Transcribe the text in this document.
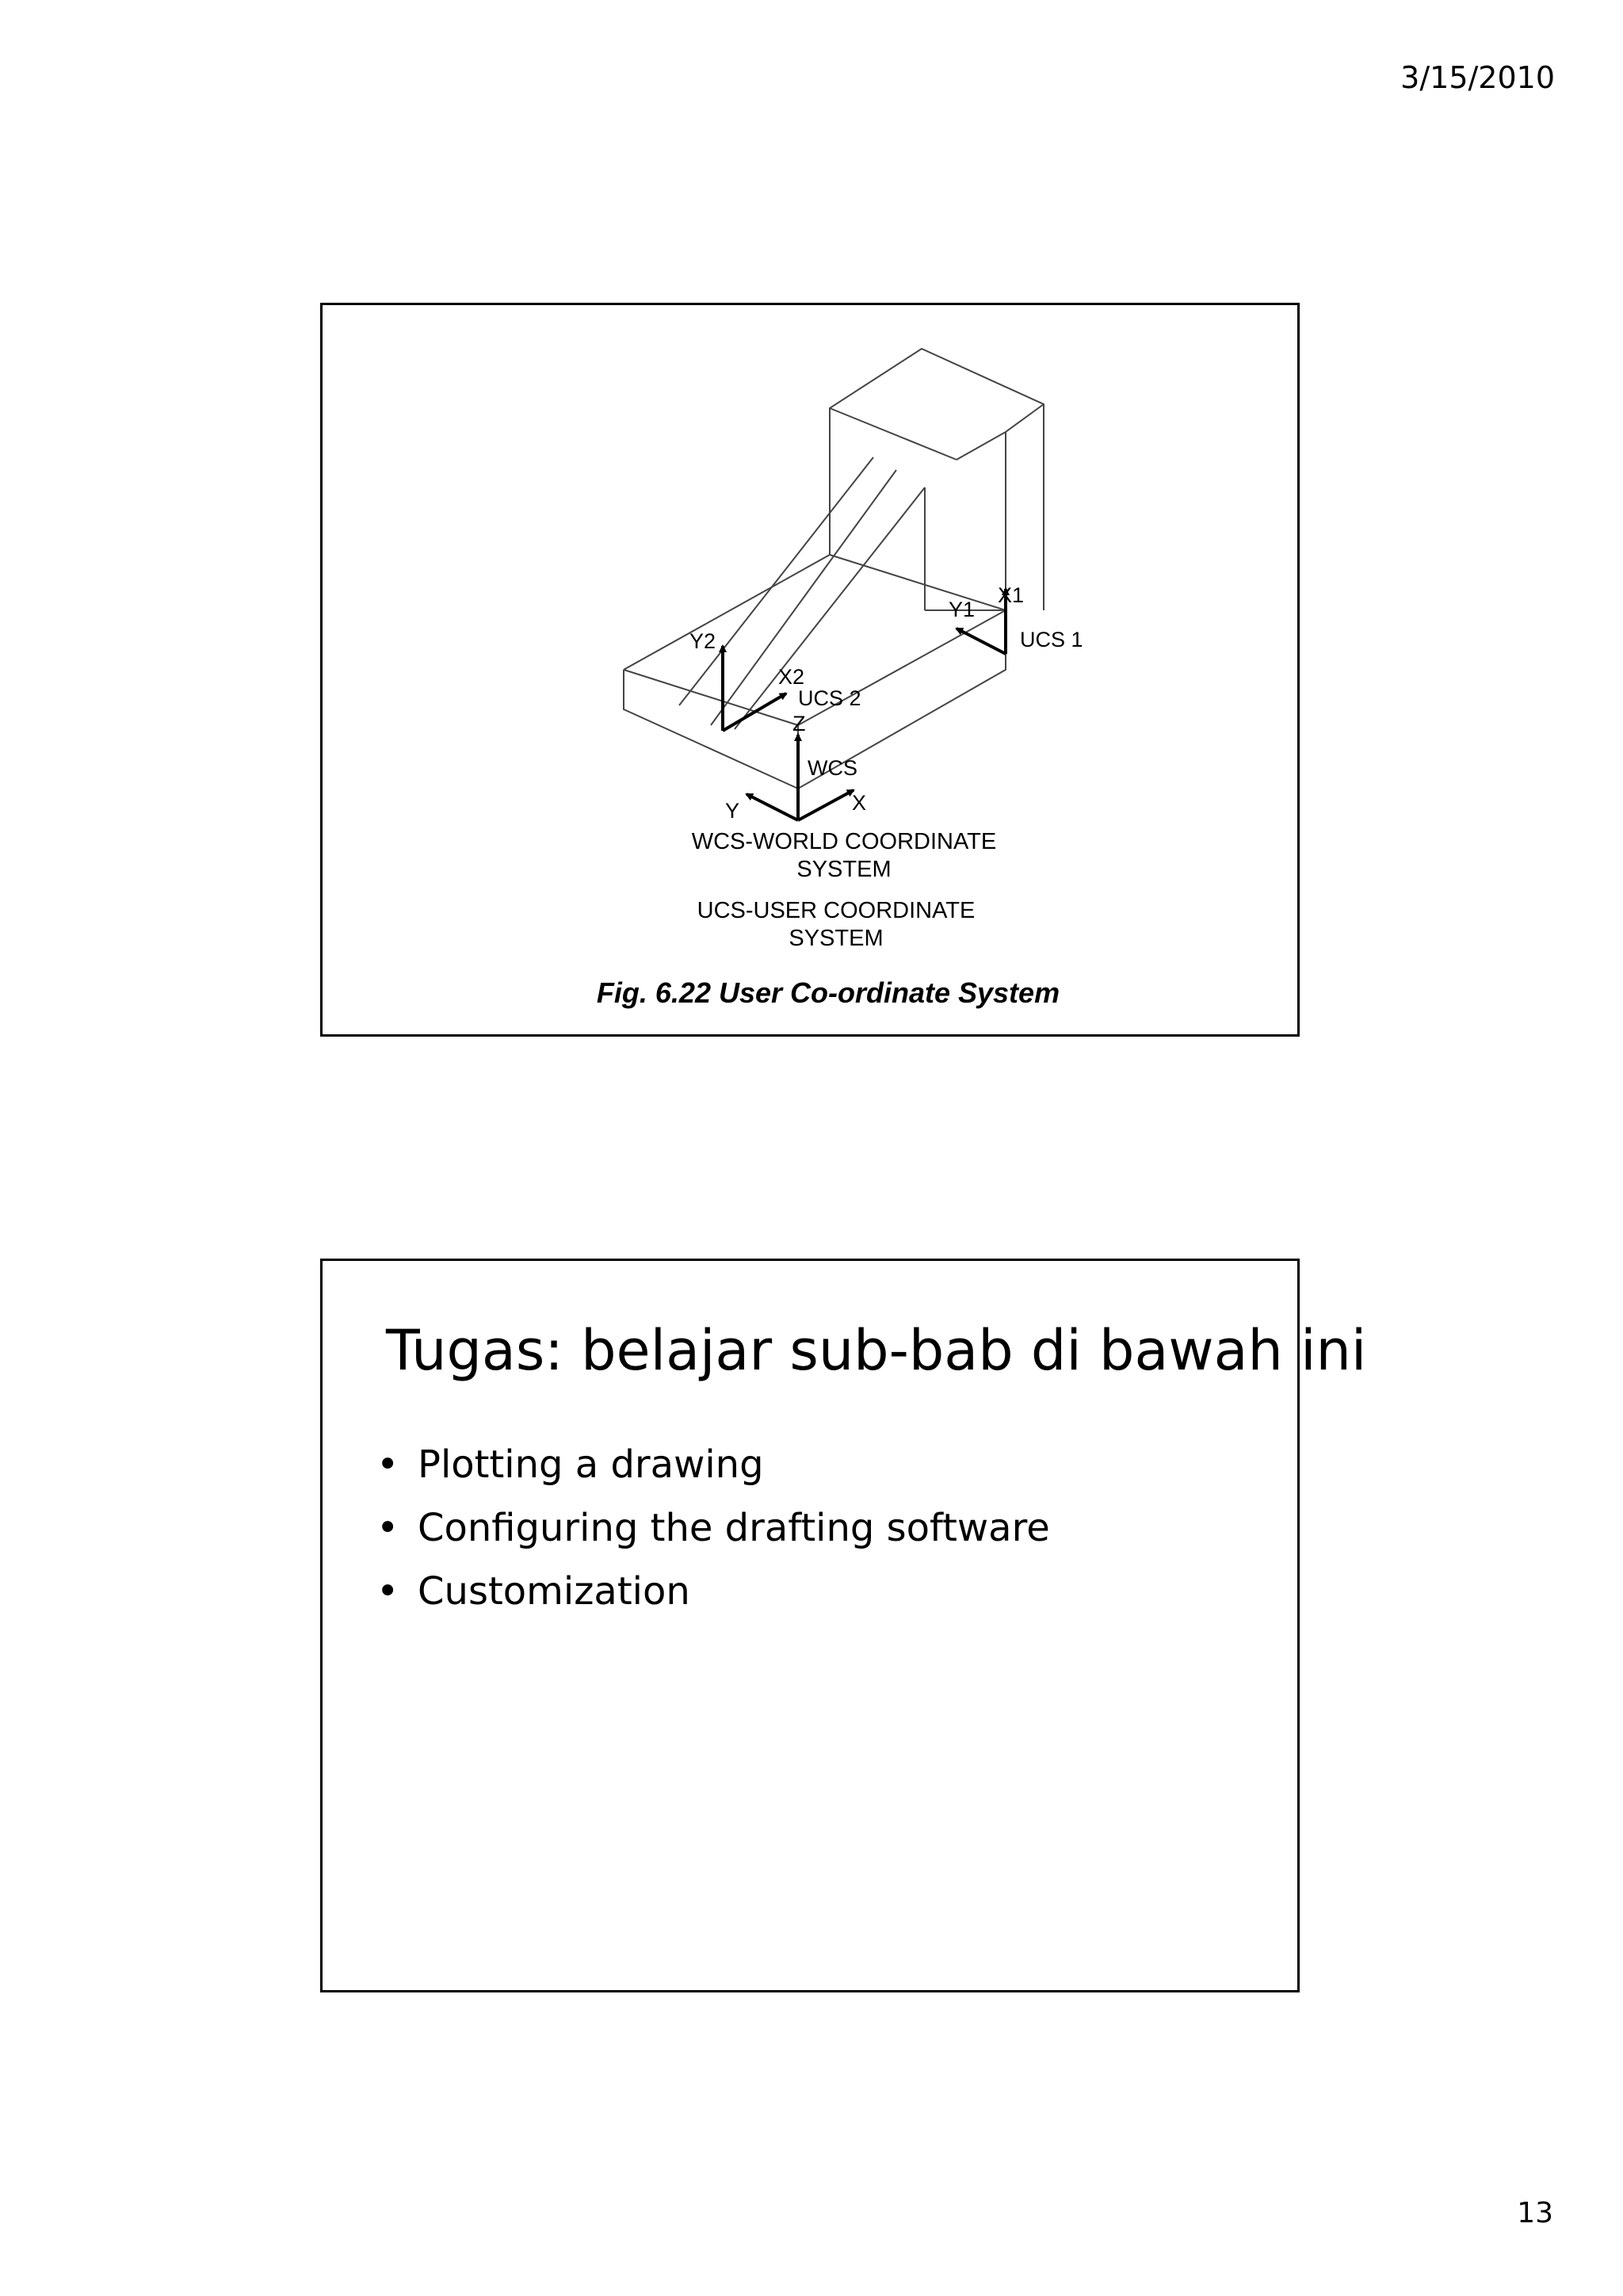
3/15/2010
X1
Y1
UCS 1
Y2
X2
UCS 2
Z
WCS
Y	X
WCS-WORLD COORDINATE
SYSTEM
UCS-USER COORDINATE
SYSTEM
Fig. 6.22 User Co-ordinate System
Tugas: belajar sub-bab di bawah ini
• Plotting a drawing
• Configuring the drafting software
• Customization
13
